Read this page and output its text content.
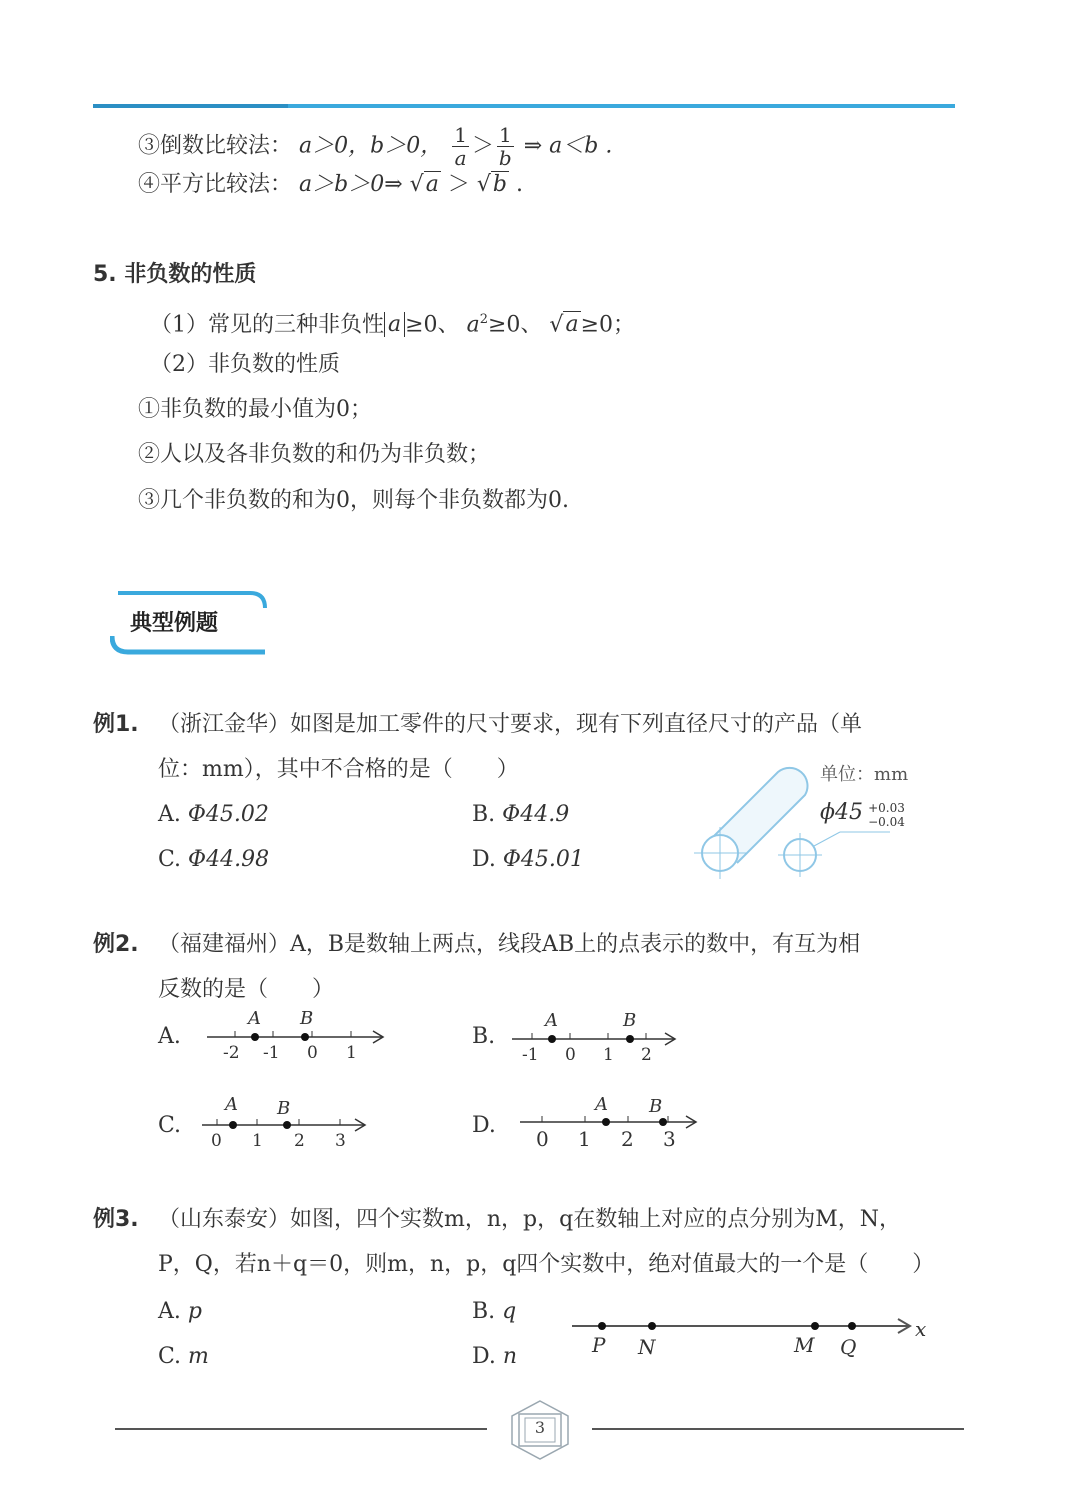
③倒数比较法： a＞0，b＞0， $\frac{1}{a} > \frac{1}{b}$ ⇒ a＜b .
④平方比较法： a＞b＞0⇒ √a ＞ √b .
5. 非负数的性质
（1）常见的三种非负性 a ≥0、 $a^2\ge 0$、 √a≥0；
（2）非负数的性质
①非负数的最小值为0；
②人以及各非负数的和仍为非负数；
③几个非负数的和为0，则每个非负数都为0.
典型例题
例1. （浙江金华）如图是加工零件的尺寸要求，现有下列直径尺寸的产品（单
位：mm），其中不合格的是（　　）
A. Φ45.02	B. Φ44.9
C. Φ44.98	D. Φ45.01
单位：mm
ϕ45 +0.03
−0.04
例2. （福建福州）A，B是数轴上两点，线段AB上的点表示的数中，有互为相
反数的是（　　）
A.	B.
C.	D.
A B
-2 -1 0 1
A	B
-1 0 1 2
A B
0 1 2 3
A B
0 1 2 3
例3. （山东泰安）如图，四个实数m，n，p，q在数轴上对应的点分别为M，N，
P，Q，若n＋q＝0，则m，n，p，q四个实数中，绝对值最大的一个是（　　）
A. p	B. q
C. m	D. n	P N	M Q
x
3
